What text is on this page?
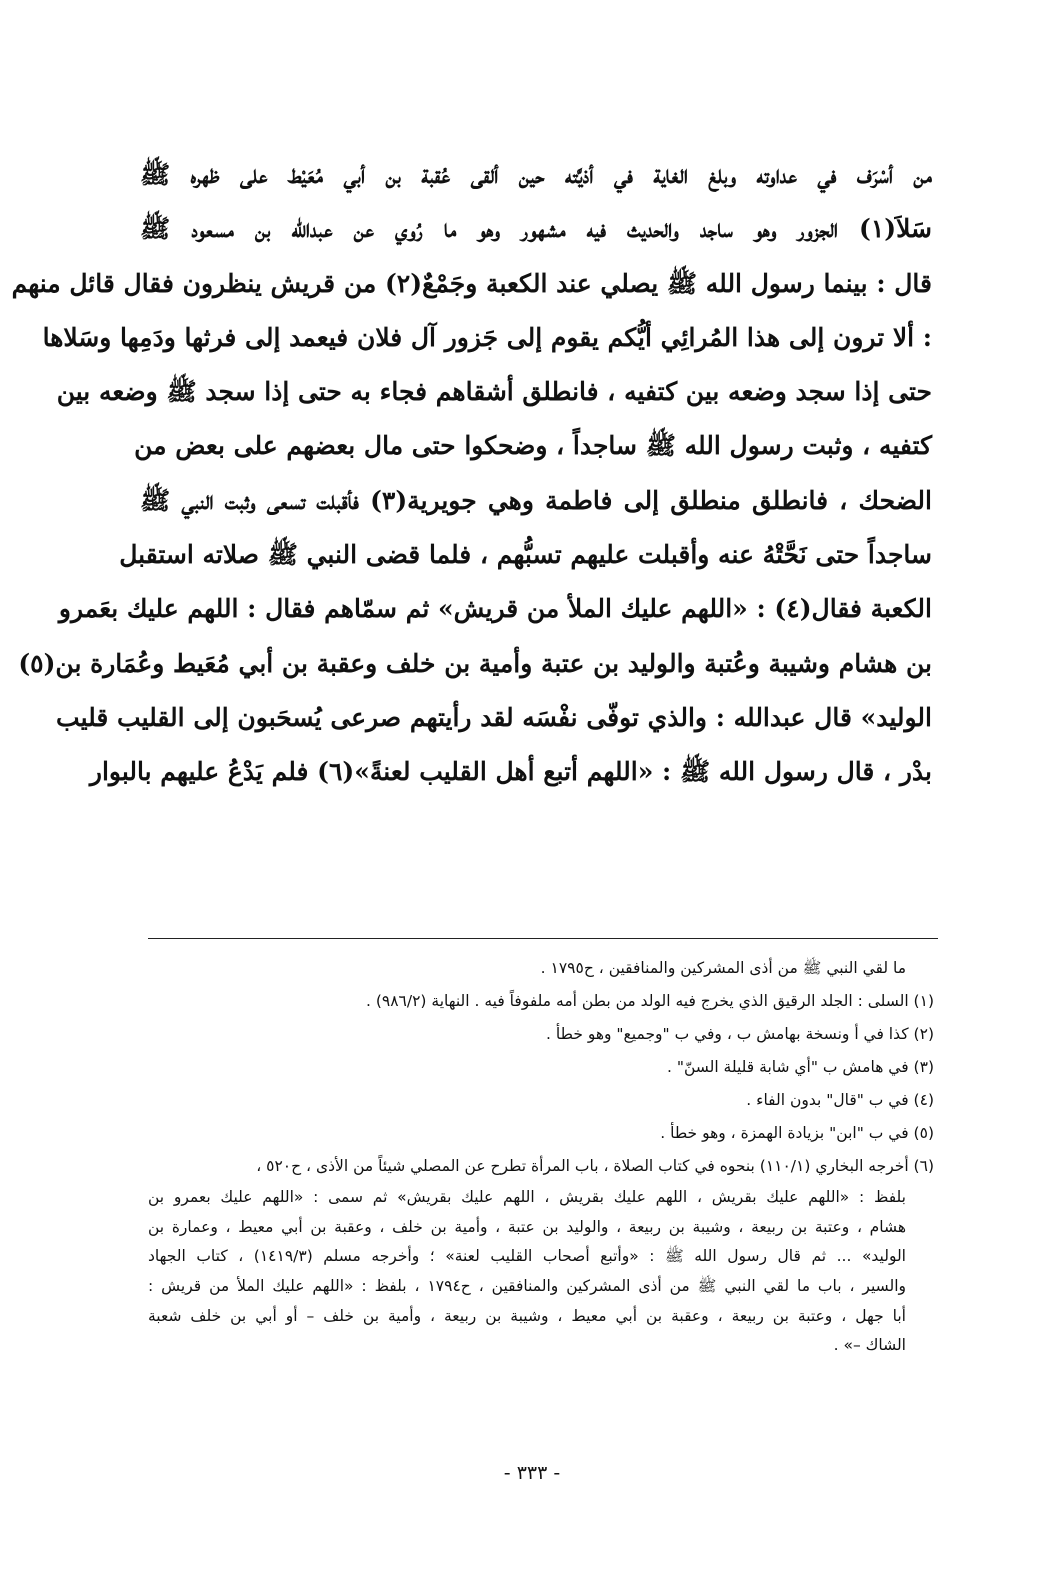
من أسْرَف في عداوته وبلغ الغاية في أذيَّته حين ألقى عُقبة بن أبي مُعَيْط على ظهره ﷺ
سَلاَ(١) الجزور وهو ساجد والحديث فيه مشهور وهو ما رُوي عن عبدالله بن مسعود ﷺ
قال : بينما رسول الله ﷺ يصلي عند الكعبة وجَمْعٌ(٢) من قريش ينظرون فقال قائل منهم
: ألا ترون إلى هذا المُرائِي أيُّكم يقوم إلى جَزور آل فلان فيعمد إلى فرثها ودَمِها وسَلاها
حتى إذا سجد وضعه بين كتفيه ، فانطلق أشقاهم فجاء به حتى إذا سجد ﷺ وضعه بين
كتفيه ، وثبت رسول الله ﷺ ساجداً ، وضحكوا حتى مال بعضهم على بعض من
الضحك ، فانطلق منطلق إلى فاطمة وهي جويرية(٣) فأقبلت تسعى وثبت النبي ﷺ
ساجداً حتى نَحَّتْهُ عنه وأقبلت عليهم تسبُّهم ، فلما قضى النبي ﷺ صلاته استقبل
الكعبة فقال(٤) : «اللهم عليك الملأ من قريش» ثم سمّاهم فقال : اللهم عليك بعَمرو
بن هشام وشيبة وعُتبة والوليد بن عتبة وأمية بن خلف وعقبة بن أبي مُعَيط وعُمَارة بن(٥)
الوليد» قال عبدالله : والذي توفّى نفْسَه لقد رأيتهم صرعى يُسحَبون إلى القليب قليب
بدْر ، قال رسول الله ﷺ : «اللهم أتبع أهل القليب لعنةً»(٦) فلم يَدْعُ عليهم بالبوار
ما لقي النبي ﷺ من أذى المشركين والمنافقين ، ح١٧٩٥ .
(١) السلى : الجلد الرقيق الذي يخرج فيه الولد من بطن أمه ملفوفاً فيه . النهاية (٩٨٦/٢) .
(٢) كذا في أ ونسخة بهامش ب ، وفي ب "وجميع" وهو خطأ .
(٣) في هامش ب "أي شابة قليلة السنّ" .
(٤) في ب "قال" بدون الفاء .
(٥) في ب "ابن" بزيادة الهمزة ، وهو خطأ .
(٦) أخرجه البخاري (١١٠/١) بنحوه في كتاب الصلاة ، باب المرأة تطرح عن المصلي شيئاً من الأذى ، ح٥٢٠ ،
بلفظ : «اللهم عليك بقريش ، اللهم عليك بقريش ، اللهم عليك بقريش» ثم سمى : «اللهم عليك بعمرو بن
هشام ، وعتبة بن ربيعة ، وشيبة بن ربيعة ، والوليد بن عتبة ، وأمية بن خلف ، وعقبة بن أبي معيط ، وعمارة بن
الوليد» ... ثم قال رسول الله ﷺ : «وأتبع أصحاب القليب لعنة» ؛ وأخرجه مسلم (١٤١٩/٣) ، كتاب الجهاد
والسير ، باب ما لقي النبي ﷺ من أذى المشركين والمنافقين ، ح١٧٩٤ ، بلفظ : «اللهم عليك الملأ من قريش :
أبا جهل ، وعتبة بن ربيعة ، وعقبة بن أبي معيط ، وشيبة بن ربيعة ، وأمية بن خلف – أو أبي بن خلف شعبة
الشاك –» .
- ٣٣٣ -
